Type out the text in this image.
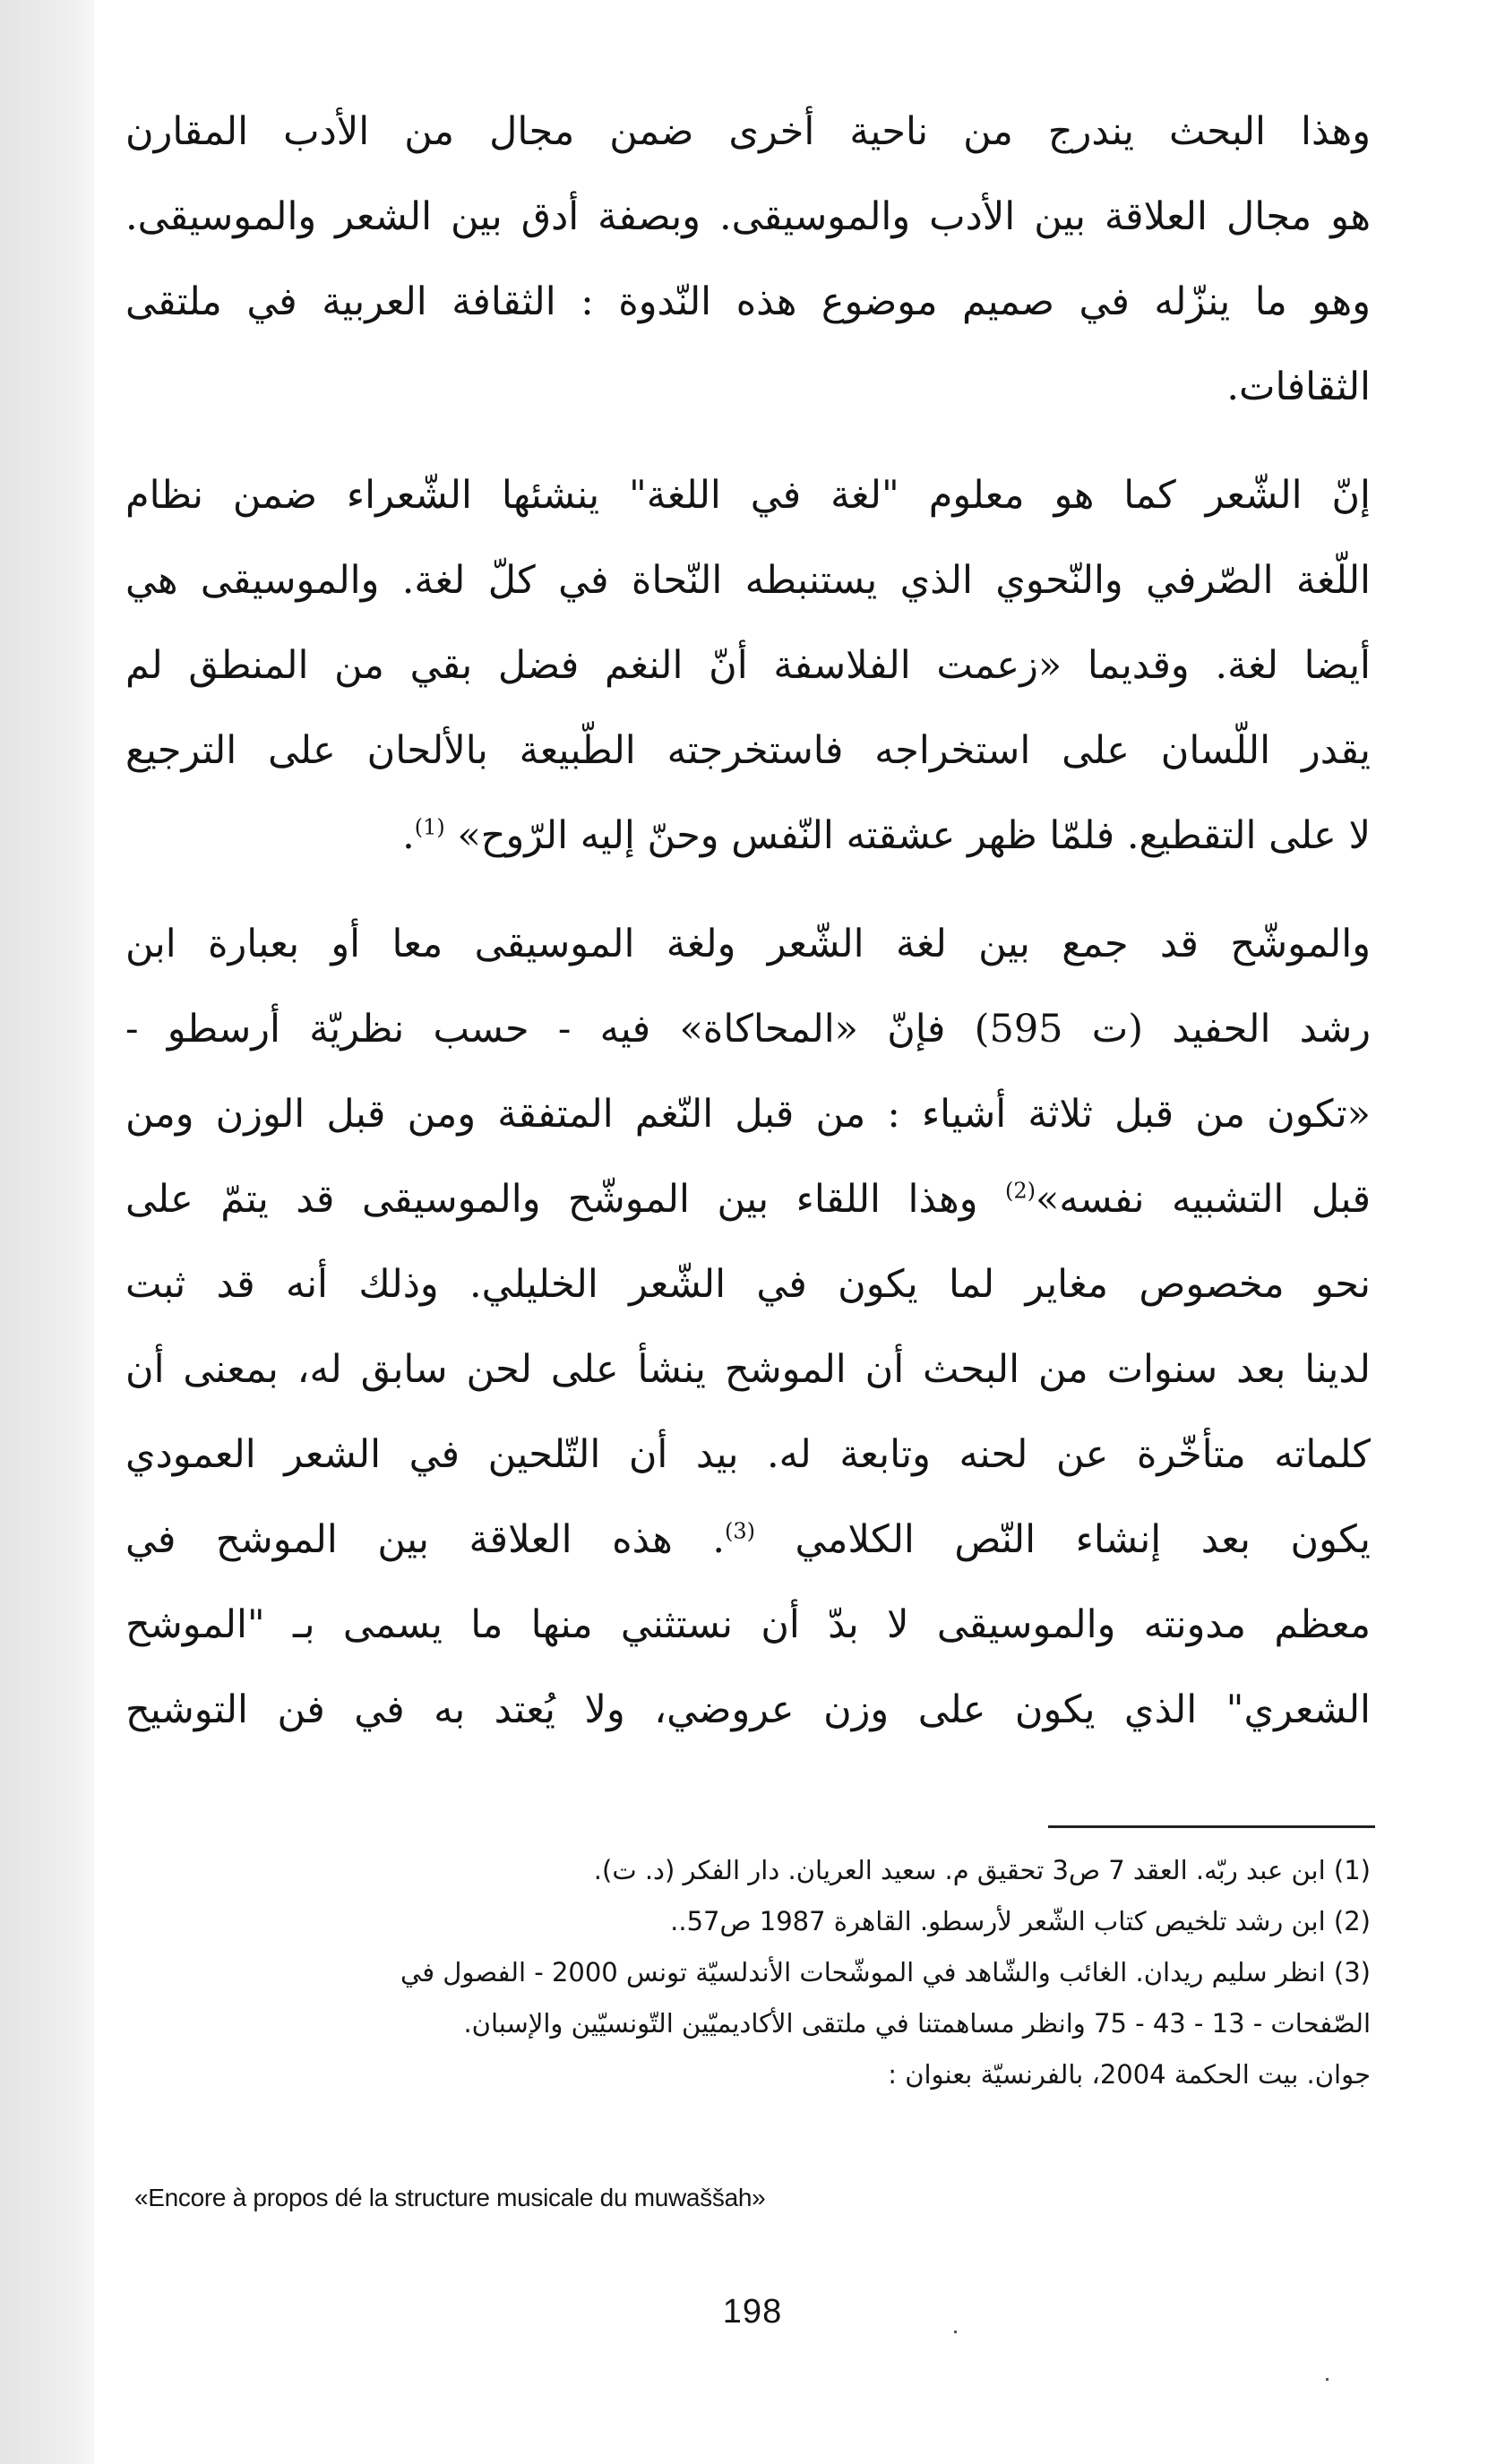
وهذا البحث يندرج من ناحية أخرى ضمن مجال من الأدب المقارن
هو مجال العلاقة بين الأدب والموسيقى. وبصفة أدق بين الشعر والموسيقى.
وهو ما ينزّله في صميم موضوع هذه النّدوة : الثقافة العربية في ملتقى
الثقافات.

إنّ الشّعر كما هو معلوم "لغة في اللغة" ينشئها الشّعراء ضمن نظام
اللّغة الصّرفي والنّحوي الذي يستنبطه النّحاة في كلّ لغة. والموسيقى هي
أيضا لغة. وقديما «زعمت الفلاسفة أنّ النغم فضل بقي من المنطق لم
يقدر اللّسان على استخراجه فاستخرجته الطّبيعة بالألحان على الترجيع
لا على التقطيع. فلمّا ظهر عشقته النّفس وحنّ إليه الرّوح» $^{(1)}$.

والموشّح قد جمع بين لغة الشّعر ولغة الموسيقى معا أو بعبارة ابن
رشد الحفيد (ت 595) فإنّ «المحاكاة» فيه - حسب نظريّة أرسطو -
«تكون من قبل ثلاثة أشياء : من قبل النّغم المتفقة ومن قبل الوزن ومن
قبل التشبيه نفسه»$^{(2)}$ وهذا اللقاء بين الموشّح والموسيقى قد يتمّ على
نحو مخصوص مغاير لما يكون في الشّعر الخليلي. وذلك أنه قد ثبت
لدينا بعد سنوات من البحث أن الموشح ينشأ على لحن سابق له، بمعنى أن
كلماته متأخّرة عن لحنه وتابعة له. بيد أن التّلحين في الشعر العمودي
يكون بعد إنشاء النّص الكلامي $^{(3)}$. هذه العلاقة بين الموشح في
معظم مدونته والموسيقى لا بدّ أن نستثني منها ما يسمى بـ "الموشح
الشعري" الذي يكون على وزن عروضي، ولا يُعتد به في فن التوشيح

(1) ابن عبد ربّه. العقد 7 ص3 تحقيق م. سعيد العريان. دار الفكر (د. ت).
(2) ابن رشد تلخيص كتاب الشّعر لأرسطو. القاهرة 1987 ص57..
(3) انظر سليم ريدان. الغائب والشّاهد في الموشّحات الأندلسيّة تونس 2000 - الفصول في
الصّفحات - 13 - 43 - 75 وانظر مساهمتنا في ملتقى الأكاديميّين التّونسيّين والإسبان.
جوان. بيت الحكمة 2004، بالفرنسيّة بعنوان :
«Encore à propos dé la structure musicale du muwaššah»
198
